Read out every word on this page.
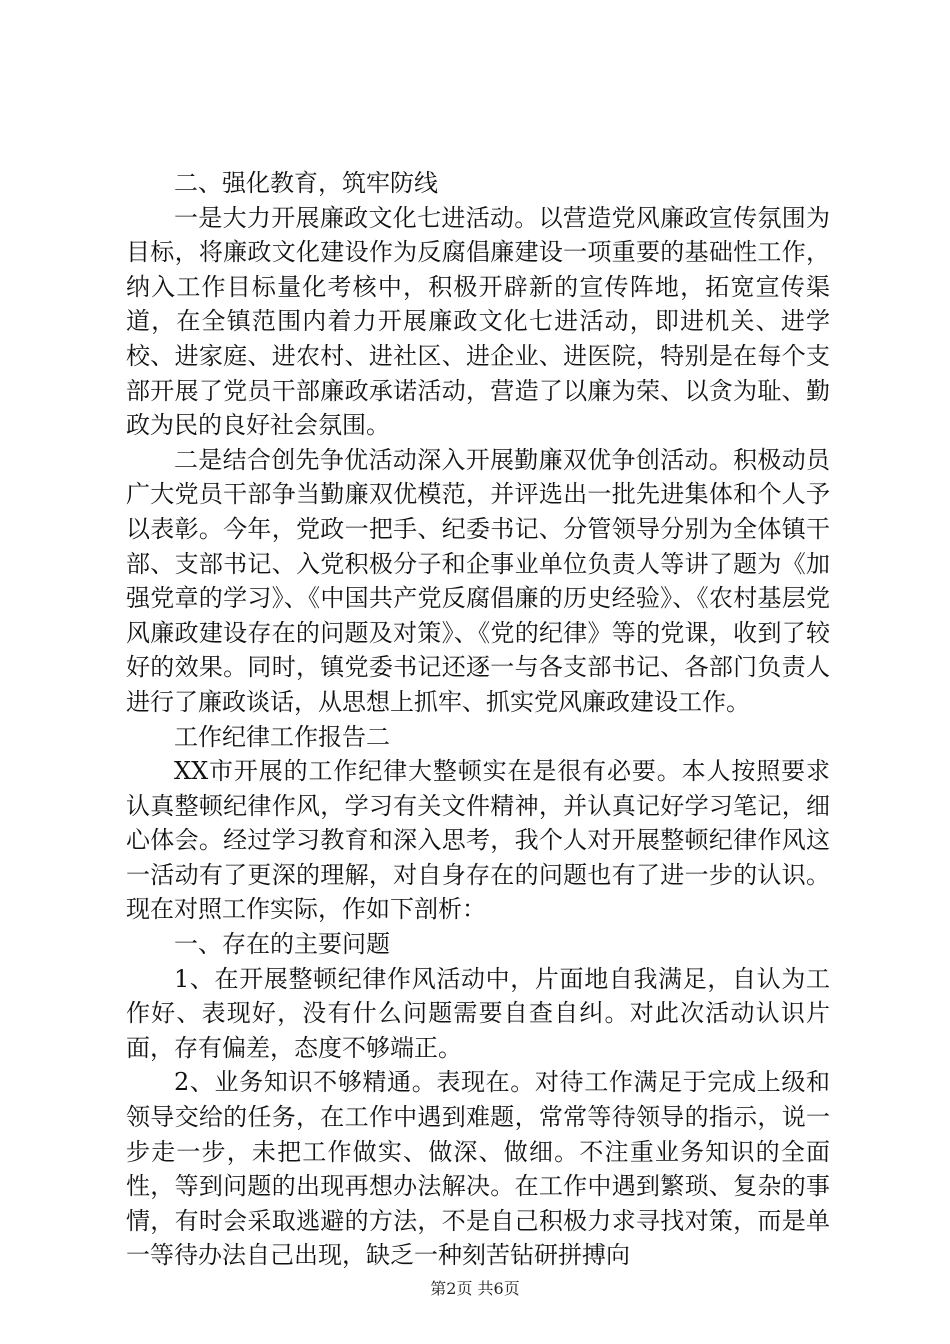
二、强化教育，筑牢防线

一是大力开展廉政文化七进活动。以营造党风廉政宣传氛围为目标，将廉政文化建设作为反腐倡廉建设一项重要的基础性工作，纳入工作目标量化考核中，积极开辟新的宣传阵地，拓宽宣传渠道，在全镇范围内着力开展廉政文化七进活动，即进机关、进学校、进家庭、进农村、进社区、进企业、进医院，特别是在每个支部开展了党员干部廉政承诺活动，营造了以廉为荣、以贪为耻、勤政为民的良好社会氛围。

二是结合创先争优活动深入开展勤廉双优争创活动。积极动员广大党员干部争当勤廉双优模范，并评选出一批先进集体和个人予以表彰。今年，党政一把手、纪委书记、分管领导分别为全体镇干部、支部书记、入党积极分子和企事业单位负责人等讲了题为《加强党章的学习》、《中国共产党反腐倡廉的历史经验》、《农村基层党风廉政建设存在的问题及对策》、《党的纪律》等的党课，收到了较好的效果。同时，镇党委书记还逐一与各支部书记、各部门负责人进行了廉政谈话，从思想上抓牢、抓实党风廉政建设工作。

工作纪律工作报告二

XX市开展的工作纪律大整顿实在是很有必要。本人按照要求认真整顿纪律作风，学习有关文件精神，并认真记好学习笔记，细心体会。经过学习教育和深入思考，我个人对开展整顿纪律作风这一活动有了更深的理解，对自身存在的问题也有了进一步的认识。现在对照工作实际，作如下剖析：

一、存在的主要问题

1、在开展整顿纪律作风活动中，片面地自我满足，自认为工作好、表现好，没有什么问题需要自查自纠。对此次活动认识片面，存有偏差，态度不够端正。

2、业务知识不够精通。表现在。对待工作满足于完成上级和领导交给的任务，在工作中遇到难题，常常等待领导的指示，说一步走一步，未把工作做实、做深、做细。不注重业务知识的全面性，等到问题的出现再想办法解决。在工作中遇到繁琐、复杂的事情，有时会采取逃避的方法，不是自己积极力求寻找对策，而是单一等待办法自己出现，缺乏一种刻苦钻研拼搏向

第2页 共6页
